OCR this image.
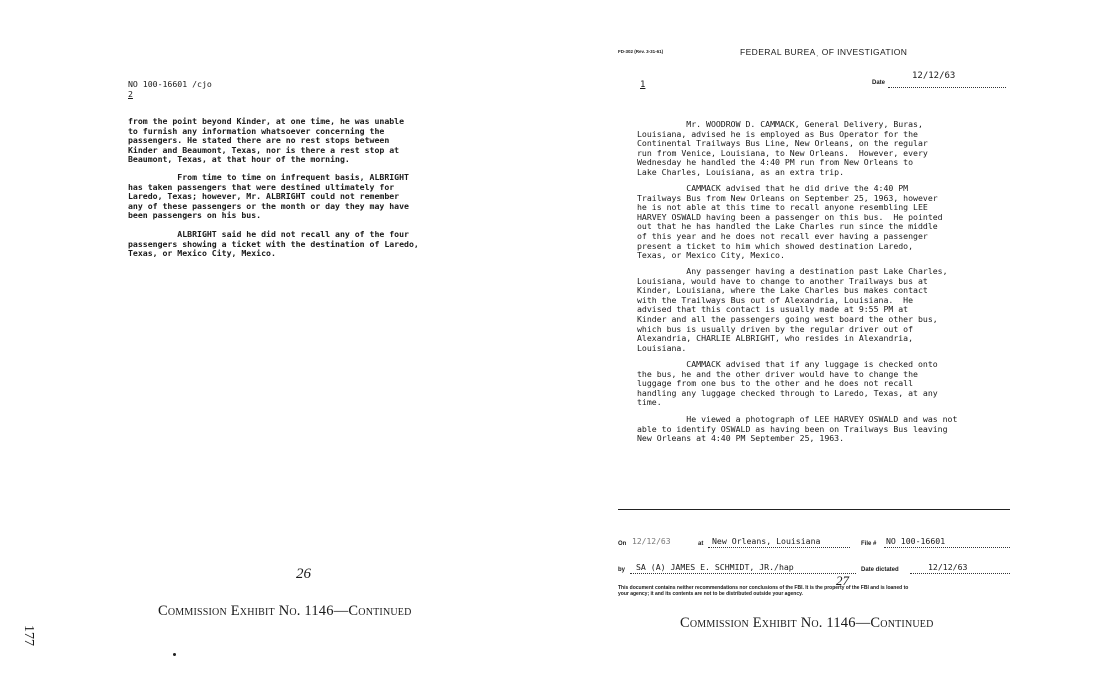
NO 100-16601 /cjo
2

from the point beyond Kinder, at one time, he was unable
to furnish any information whatsoever concerning the
passengers. He stated there are no rest stops between
Kinder and Beaumont, Texas, nor is there a rest stop at
Beaumont, Texas, at that hour of the morning.

From time to time on infrequent basis, ALBRIGHT
has taken passengers that were destined ultimately for
Laredo, Texas; however, Mr. ALBRIGHT could not remember
any of these passengers or the month or day they may have
been passengers on his bus.

ALBRIGHT said he did not recall any of the four
passengers showing a ticket with the destination of Laredo,
Texas, or Mexico City, Mexico.

26
Commission Exhibit No. 1146—Continued
177
FD-302 (Rev. 3-31-61)	FEDERAL BUREAˌ OF INVESTIGATION
1
12/12/63
Date

Mr. WOODROW D. CAMMACK, General Delivery, Buras,
Louisiana, advised he is employed as Bus Operator for the
Continental Trailways Bus Line, New Orleans, on the regular
run from Venice, Louisiana, to New Orleans.  However, every
Wednesday he handled the 4:40 PM run from New Orleans to
Lake Charles, Louisiana, as an extra trip.

CAMMACK advised that he did drive the 4:40 PM
Trailways Bus from New Orleans on September 25, 1963, however
he is not able at this time to recall anyone resembling LEE
HARVEY OSWALD having been a passenger on this bus.  He pointed
out that he has handled the Lake Charles run since the middle
of this year and he does not recall ever having a passenger
present a ticket to him which showed destination Laredo,
Texas, or Mexico City, Mexico.

Any passenger having a destination past Lake Charles,
Louisiana, would have to change to another Trailways bus at
Kinder, Louisiana, where the Lake Charles bus makes contact
with the Trailways Bus out of Alexandria, Louisiana.  He
advised that this contact is usually made at 9:55 PM at
Kinder and all the passengers going west board the other bus,
which bus is usually driven by the regular driver out of
Alexandria, CHARLIE ALBRIGHT, who resides in Alexandria,
Louisiana.

CAMMACK advised that if any luggage is checked onto
the bus, he and the other driver would have to change the
luggage from one bus to the other and he does not recall
handling any luggage checked through to Laredo, Texas, at any
time.

He viewed a photograph of LEE HARVEY OSWALD and was not
able to identify OSWALD as having been on Trailways Bus leaving
New Orleans at 4:40 PM September 25, 1963.

On 12/12/63	at New Orleans, Louisiana	File # NO 100-16601
by SA (A) JAMES E. SCHMIDT, JR./hap	Date dictated	12/12/63
27
This document contains neither recommendations nor conclusions of the FBI. It is the property of the FBI and is loaned to
your agency; it and its contents are not to be distributed outside your agency.
Commission Exhibit No. 1146—Continued
